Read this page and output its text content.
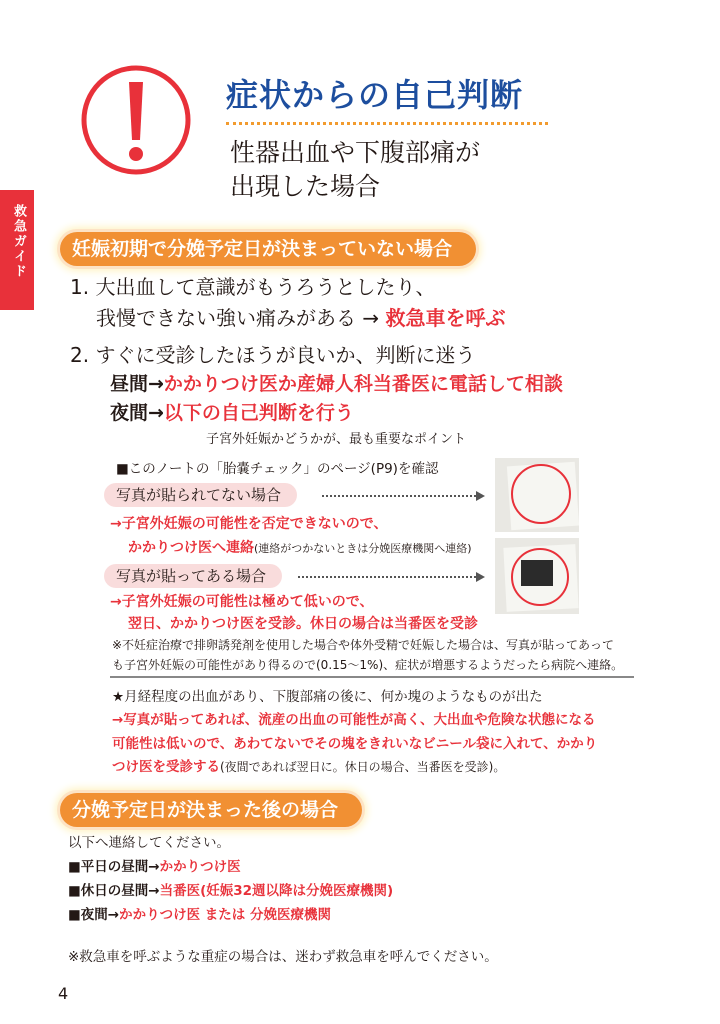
救急ガイド
症状からの自己判断
性器出血や下腹部痛が
出現した場合
妊娠初期で分娩予定日が決まっていない場合
1. 大出血して意識がもうろうとしたり、
我慢できない強い痛みがある → 救急車を呼ぶ
2. すぐに受診したほうが良いか、判断に迷う
昼間→かかりつけ医か産婦人科当番医に電話して相談
夜間→以下の自己判断を行う
子宮外妊娠かどうかが、最も重要なポイント
■このノートの「胎嚢チェック」のページ(P9)を確認
写真が貼られてない場合
→子宮外妊娠の可能性を否定できないので、
かかりつけ医へ連絡(連絡がつかないときは分娩医療機関へ連絡)
写真が貼ってある場合
→子宮外妊娠の可能性は極めて低いので、
翌日、かかりつけ医を受診。休日の場合は当番医を受診
※不妊症治療で排卵誘発剤を使用した場合や体外受精で妊娠した場合は、写真が貼ってあって
も子宮外妊娠の可能性があり得るので(0.15〜1%)、症状が増悪するようだったら病院へ連絡。
★月経程度の出血があり、下腹部痛の後に、何か塊のようなものが出た
→写真が貼ってあれば、流産の出血の可能性が高く、大出血や危険な状態になる
可能性は低いので、あわてないでその塊をきれいなビニール袋に入れて、かかり
つけ医を受診する(夜間であれば翌日に。休日の場合、当番医を受診)。
分娩予定日が決まった後の場合
以下へ連絡してください。
■平日の昼間→かかりつけ医
■休日の昼間→当番医(妊娠32週以降は分娩医療機関)
■夜間→かかりつけ医 または 分娩医療機関
※救急車を呼ぶような重症の場合は、迷わず救急車を呼んでください。
4
